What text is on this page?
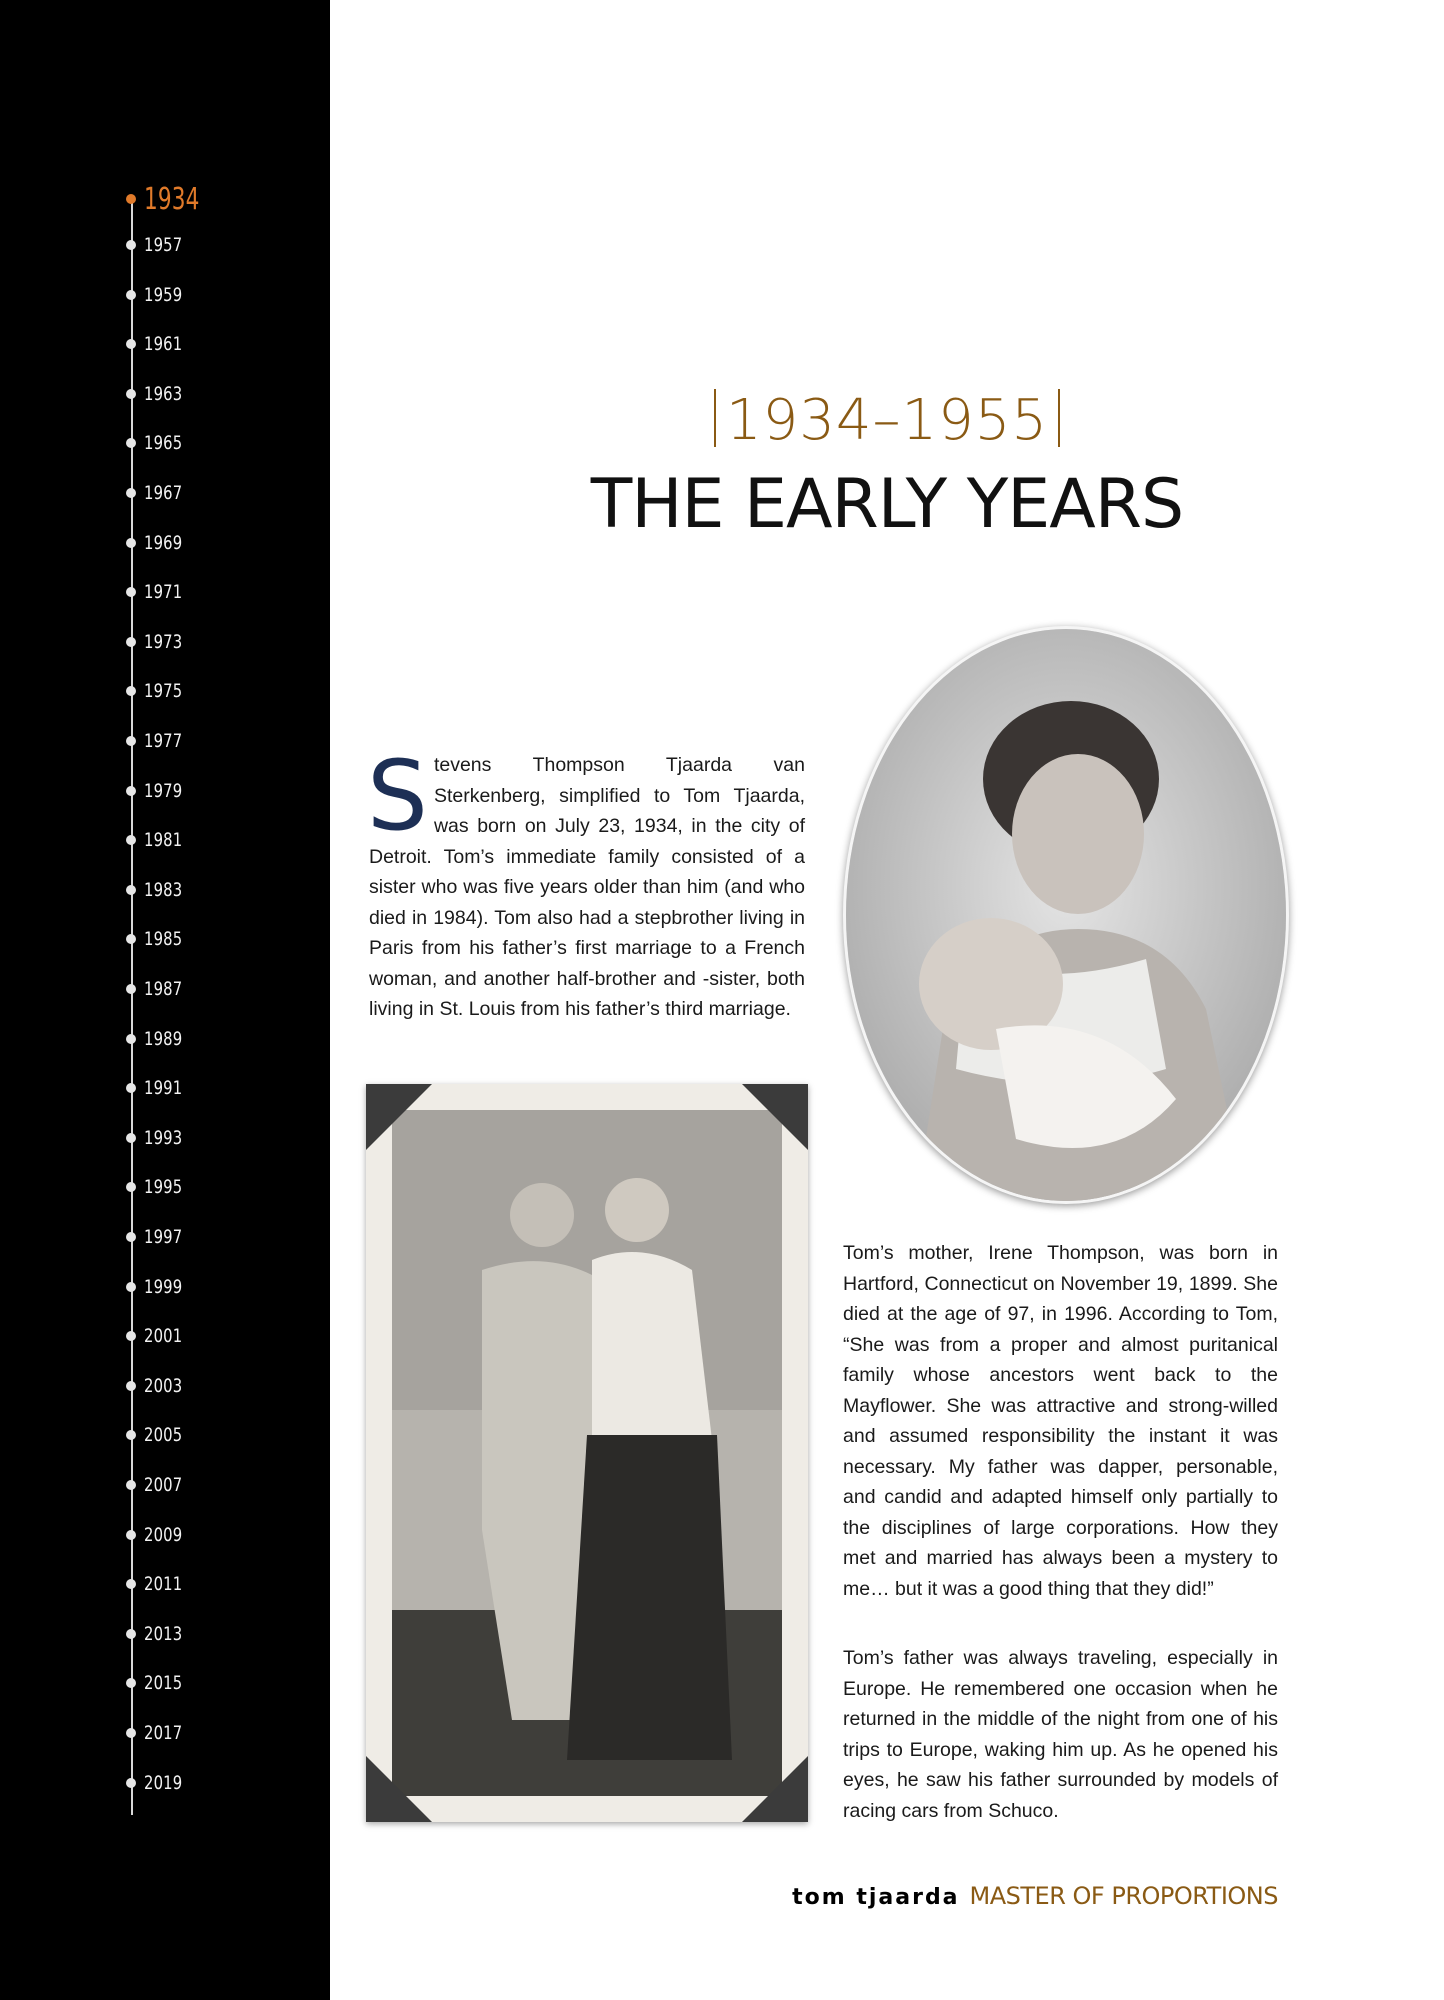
1934
1957
1959
1961
1963
1965
1967
1969
1971
1973
1975
1977
1979
1981
1983
1985
1987
1989
1991
1993
1995
1997
1999
2001
2003
2005
2007
2009
2011
2013
2015
2017
2019
1934–1955
THE EARLY YEARS

Stevens Thompson Tjaarda van Sterkenberg, simplified to Tom Tjaarda, was born on July 23, 1934, in the city of Detroit. Tom’s immediate family consisted of a sister who was five years older than him (and who died in 1984). Tom also had a stepbrother living in Paris from his father’s first marriage to a French woman, and another half-brother and -sister, both living in St. Louis from his father’s third marriage.

Tom’s mother, Irene Thompson, was born in Hartford, Connecticut on November 19, 1899. She died at the age of 97, in 1996. According to Tom, “She was from a proper and almost puritanical family whose ancestors went back to the Mayflower. She was attractive and strong-willed and assumed responsibility the instant it was necessary. My father was dapper, personable, and candid and adapted himself only partially to the disciplines of large corporations. How they met and married has always been a mystery to me… but it was a good thing that they did!”

Tom’s father was always traveling, especially in Europe. He remembered one occasion when he returned in the middle of the night from one of his trips to Europe, waking him up. As he opened his eyes, he saw his father surrounded by models of racing cars from Schuco.

tom tjaarda MASTER OF PROPORTIONS
